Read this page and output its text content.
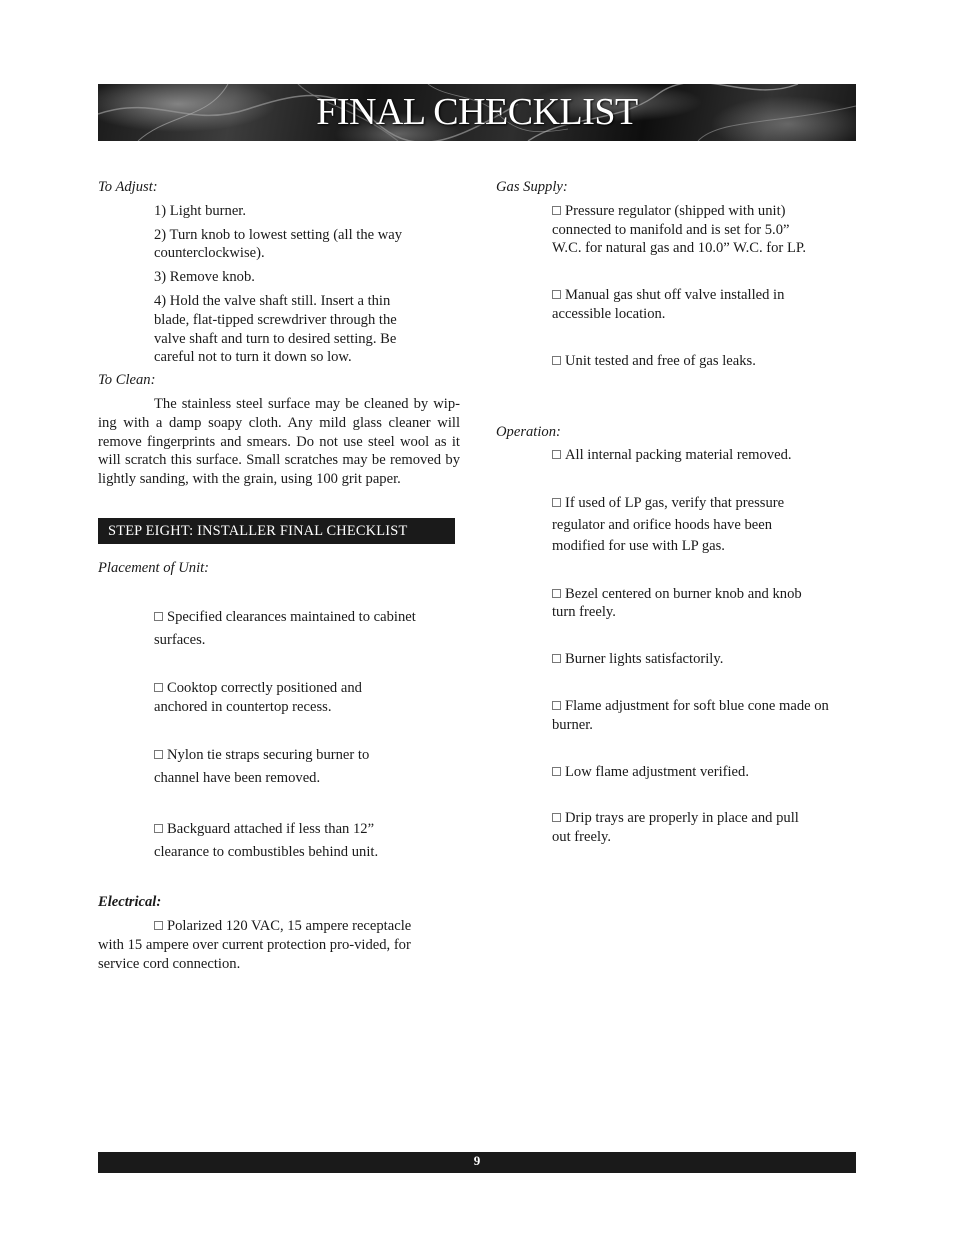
FINAL CHECKLIST

To Adjust:

1) Light burner.

2) Turn knob to lowest setting (all the way counterclockwise).

3) Remove knob.

4) Hold the valve shaft still. Insert a thin blade, flat-tipped screwdriver through the valve shaft and turn to desired setting. Be careful not to turn it down so low.

To Clean:

The stainless steel surface may be cleaned by wip-ing with a damp soapy cloth. Any mild glass cleaner will remove fingerprints and smears. Do not use steel wool as it will scratch this surface. Small scratches may be removed by lightly sanding, with the grain, using 100 grit paper.

STEP EIGHT: INSTALLER FINAL CHECKLIST

Placement of Unit:

Specified clearances maintained to cabinet surfaces.

Cooktop correctly positioned and anchored in countertop recess.

Nylon tie straps securing burner to channel have been removed.

Backguard attached if less than 12” clearance to combustibles behind unit.

Electrical:

Polarized 120 VAC, 15 ampere receptacle with 15 ampere over current protection pro-vided, for service cord connection.

Gas Supply:

Pressure regulator (shipped with unit) connected to manifold and is set for 5.0” W.C. for natural gas and 10.0” W.C. for LP.

Manual gas shut off valve installed in accessible location.

Unit tested and free of gas leaks.

Operation:

All internal packing material removed.

If used of LP gas, verify that pressure regulator and orifice hoods have been modified for use with LP gas.

Bezel centered on burner knob and knob turn freely.

Burner lights satisfactorily.

Flame adjustment for soft blue cone made on burner.

Low flame adjustment verified.

Drip trays are properly in place and pull out freely.

9
